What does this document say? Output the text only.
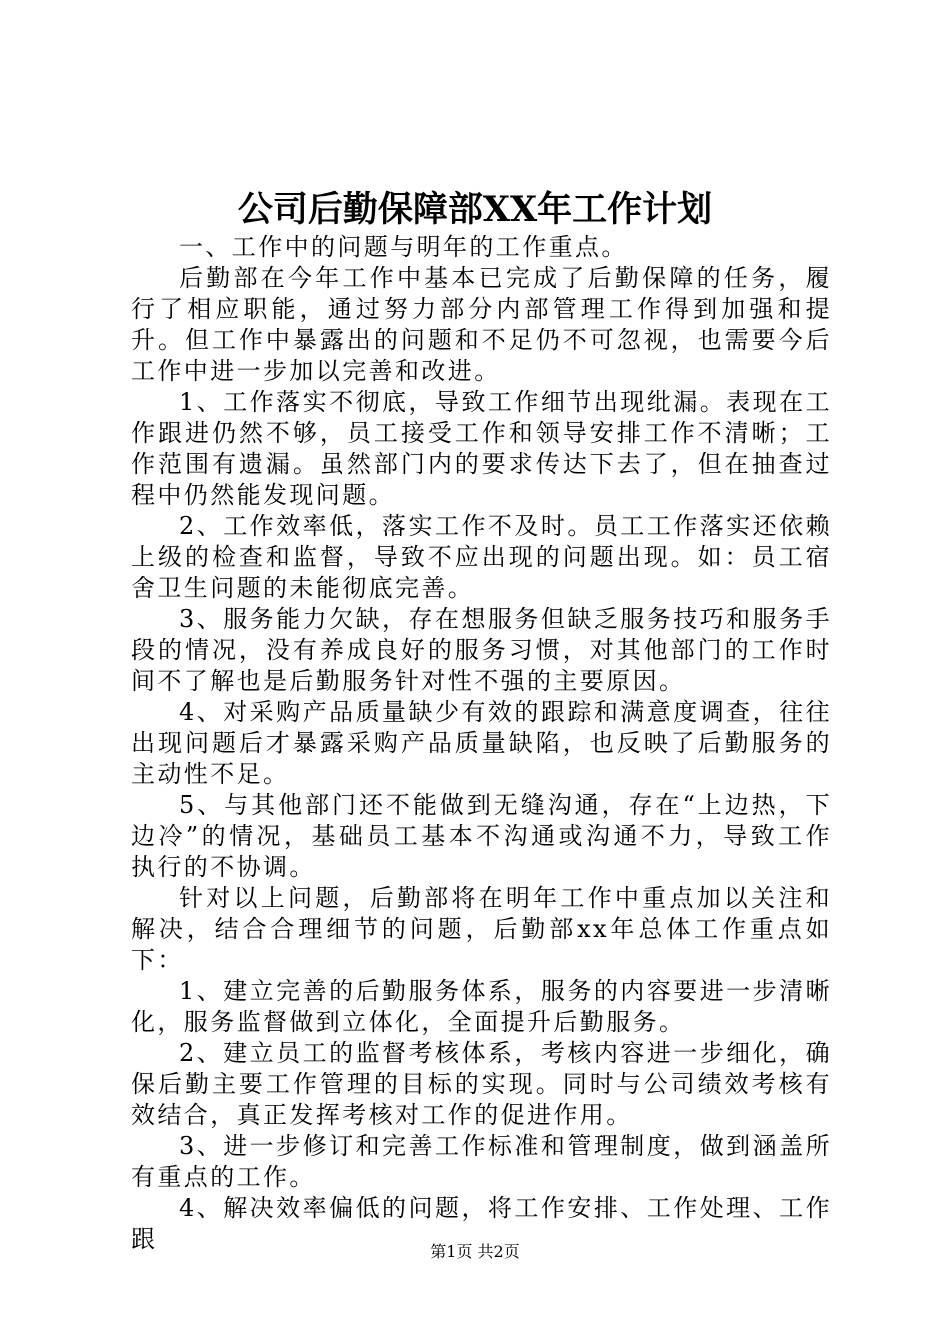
公司后勤保障部XX年工作计划

一、工作中的问题与明年的工作重点。

后勤部在今年工作中基本已完成了后勤保障的任务，履行了相应职能，通过努力部分内部管理工作得到加强和提升。但工作中暴露出的问题和不足仍不可忽视，也需要今后工作中进一步加以完善和改进。

1、工作落实不彻底，导致工作细节出现纰漏。表现在工作跟进仍然不够，员工接受工作和领导安排工作不清晰；工作范围有遗漏。虽然部门内的要求传达下去了，但在抽查过程中仍然能发现问题。

2、工作效率低，落实工作不及时。员工工作落实还依赖上级的检查和监督，导致不应出现的问题出现。如：员工宿舍卫生问题的未能彻底完善。

3、服务能力欠缺，存在想服务但缺乏服务技巧和服务手段的情况，没有养成良好的服务习惯，对其他部门的工作时间不了解也是后勤服务针对性不强的主要原因。

4、对采购产品质量缺少有效的跟踪和满意度调查，往往出现问题后才暴露采购产品质量缺陷，也反映了后勤服务的主动性不足。

5、与其他部门还不能做到无缝沟通，存在“上边热，下边冷”的情况，基础员工基本不沟通或沟通不力，导致工作执行的不协调。

针对以上问题，后勤部将在明年工作中重点加以关注和解决，结合合理细节的问题，后勤部xx年总体工作重点如下：

1、建立完善的后勤服务体系，服务的内容要进一步清晰化，服务监督做到立体化，全面提升后勤服务。

2、建立员工的监督考核体系，考核内容进一步细化，确保后勤主要工作管理的目标的实现。同时与公司绩效考核有效结合，真正发挥考核对工作的促进作用。

3、进一步修订和完善工作标准和管理制度，做到涵盖所有重点的工作。

4、解决效率偏低的问题，将工作安排、工作处理、工作跟	第1页 共2页
